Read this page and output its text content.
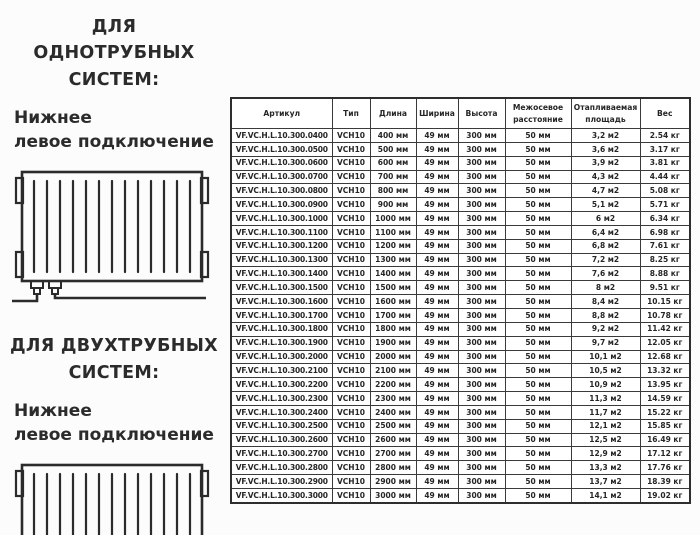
ДЛЯ ОДНОТРУБНЫХ
СИСТЕМ:
Нижнее
левое подключение
ДЛЯ ДВУХТРУБНЫХ
СИСТЕМ:
Нижнее
левое подключение
Артикул	Тип	Длина	Ширина	Высота	Межосевое расстояние	Отапливаемая площадь	Вес
VF.VC.H.L.10.300.0400	VCH10	400 мм	49 мм	300 мм	50 мм	3,2 м2	2.54 кг
VF.VC.H.L.10.300.0500	VCH10	500 мм	49 мм	300 мм	50 мм	3,6 м2	3.17 кг
VF.VC.H.L.10.300.0600	VCH10	600 мм	49 мм	300 мм	50 мм	3,9 м2	3.81 кг
VF.VC.H.L.10.300.0700	VCH10	700 мм	49 мм	300 мм	50 мм	4,3 м2	4.44 кг
VF.VC.H.L.10.300.0800	VCH10	800 мм	49 мм	300 мм	50 мм	4,7 м2	5.08 кг
VF.VC.H.L.10.300.0900	VCH10	900 мм	49 мм	300 мм	50 мм	5,1 м2	5.71 кг
VF.VC.H.L.10.300.1000	VCH10	1000 мм	49 мм	300 мм	50 мм	6 м2	6.34 кг
VF.VC.H.L.10.300.1100	VCH10	1100 мм	49 мм	300 мм	50 мм	6,4 м2	6.98 кг
VF.VC.H.L.10.300.1200	VCH10	1200 мм	49 мм	300 мм	50 мм	6,8 м2	7.61 кг
VF.VC.H.L.10.300.1300	VCH10	1300 мм	49 мм	300 мм	50 мм	7,2 м2	8.25 кг
VF.VC.H.L.10.300.1400	VCH10	1400 мм	49 мм	300 мм	50 мм	7,6 м2	8.88 кг
VF.VC.H.L.10.300.1500	VCH10	1500 мм	49 мм	300 мм	50 мм	8 м2	9.51 кг
VF.VC.H.L.10.300.1600	VCH10	1600 мм	49 мм	300 мм	50 мм	8,4 м2	10.15 кг
VF.VC.H.L.10.300.1700	VCH10	1700 мм	49 мм	300 мм	50 мм	8,8 м2	10.78 кг
VF.VC.H.L.10.300.1800	VCH10	1800 мм	49 мм	300 мм	50 мм	9,2 м2	11.42 кг
VF.VC.H.L.10.300.1900	VCH10	1900 мм	49 мм	300 мм	50 мм	9,7 м2	12.05 кг
VF.VC.H.L.10.300.2000	VCH10	2000 мм	49 мм	300 мм	50 мм	10,1 м2	12.68 кг
VF.VC.H.L.10.300.2100	VCH10	2100 мм	49 мм	300 мм	50 мм	10,5 м2	13.32 кг
VF.VC.H.L.10.300.2200	VCH10	2200 мм	49 мм	300 мм	50 мм	10,9 м2	13.95 кг
VF.VC.H.L.10.300.2300	VCH10	2300 мм	49 мм	300 мм	50 мм	11,3 м2	14.59 кг
VF.VC.H.L.10.300.2400	VCH10	2400 мм	49 мм	300 мм	50 мм	11,7 м2	15.22 кг
VF.VC.H.L.10.300.2500	VCH10	2500 мм	49 мм	300 мм	50 мм	12,1 м2	15.85 кг
VF.VC.H.L.10.300.2600	VCH10	2600 мм	49 мм	300 мм	50 мм	12,5 м2	16.49 кг
VF.VC.H.L.10.300.2700	VCH10	2700 мм	49 мм	300 мм	50 мм	12,9 м2	17.12 кг
VF.VC.H.L.10.300.2800	VCH10	2800 мм	49 мм	300 мм	50 мм	13,3 м2	17.76 кг
VF.VC.H.L.10.300.2900	VCH10	2900 мм	49 мм	300 мм	50 мм	13,7 м2	18.39 кг
VF.VC.H.L.10.300.3000	VCH10	3000 мм	49 мм	300 мм	50 мм	14,1 м2	19.02 кг
